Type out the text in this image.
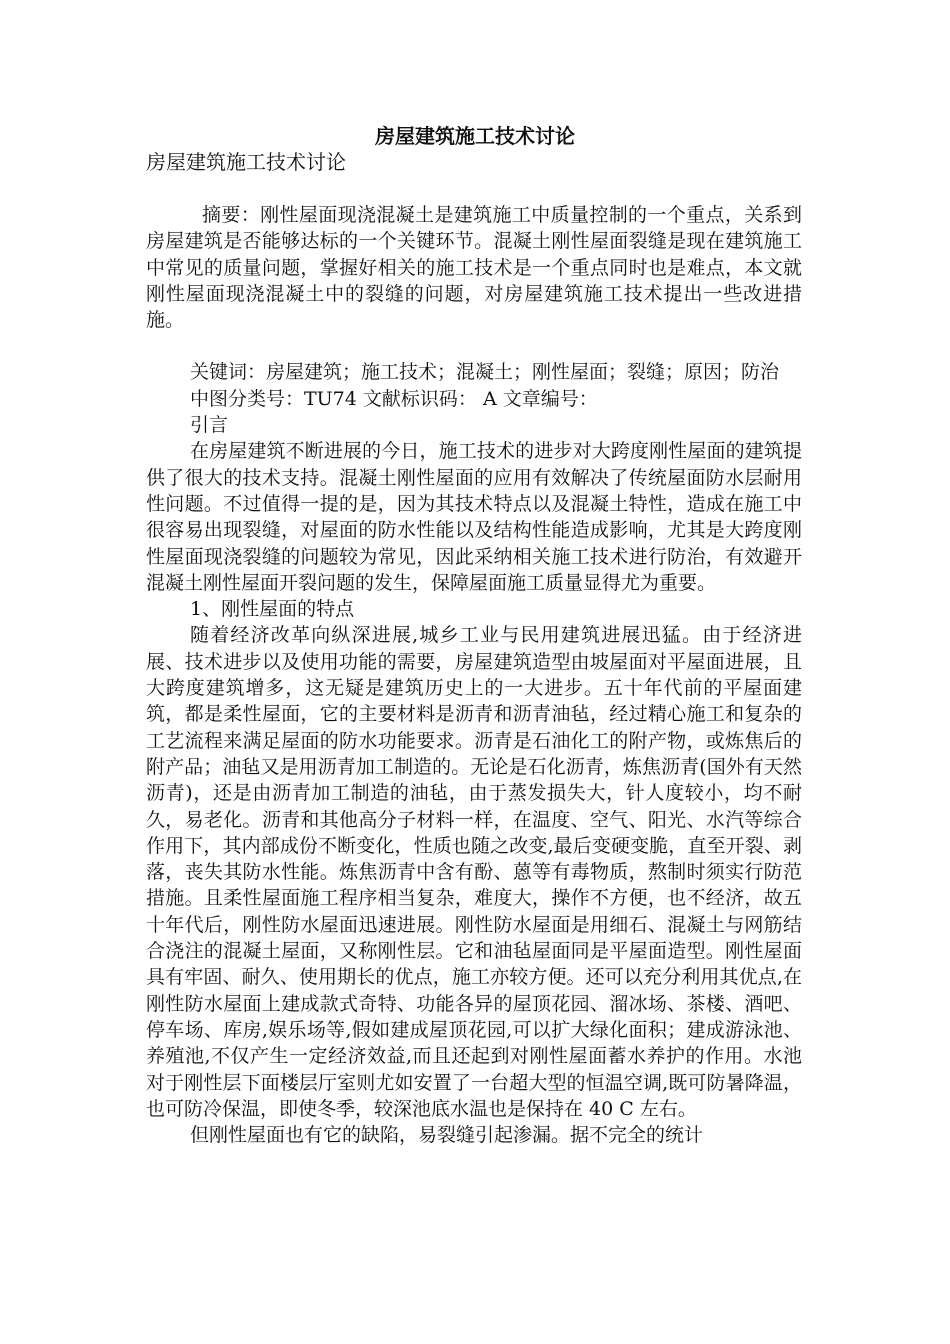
房屋建筑施工技术讨论
房屋建筑施工技术讨论

摘要：刚性屋面现浇混凝土是建筑施工中质量控制的一个重点，关系到房屋建筑是否能够达标的一个关键环节。混凝土刚性屋面裂缝是现在建筑施工中常见的质量问题，掌握好相关的施工技术是一个重点同时也是难点，本文就刚性屋面现浇混凝土中的裂缝的问题，对房屋建筑施工技术提出一些改进措施。

关键词：房屋建筑；施工技术；混凝土；刚性屋面；裂缝；原因；防治

中图分类号：TU74 文献标识码： A 文章编号：

引言

在房屋建筑不断进展的今日，施工技术的进步对大跨度刚性屋面的建筑提供了很大的技术支持。混凝土刚性屋面的应用有效解决了传统屋面防水层耐用性问题。不过值得一提的是，因为其技术特点以及混凝土特性，造成在施工中很容易出现裂缝，对屋面的防水性能以及结构性能造成影响，尤其是大跨度刚性屋面现浇裂缝的问题较为常见，因此采纳相关施工技术进行防治，有效避开混凝土刚性屋面开裂问题的发生，保障屋面施工质量显得尤为重要。

1、刚性屋面的特点

随着经济改革向纵深进展,城乡工业与民用建筑进展迅猛。由于经济进展、技术进步以及使用功能的需要，房屋建筑造型由坡屋面对平屋面进展，且大跨度建筑增多，这无疑是建筑历史上的一大进步。五十年代前的平屋面建筑，都是柔性屋面，它的主要材料是沥青和沥青油毡，经过精心施工和复杂的工艺流程来满足屋面的防水功能要求。沥青是石油化工的附产物，或炼焦后的附产品；油毡又是用沥青加工制造的。无论是石化沥青，炼焦沥青(国外有天然沥青)，还是由沥青加工制造的油毡，由于蒸发损失大，针人度较小，均不耐久，易老化。沥青和其他高分子材料一样，在温度、空气、阳光、水汽等综合作用下，其内部成份不断变化，性质也随之改变,最后变硬变脆，直至开裂、剥落，丧失其防水性能。炼焦沥青中含有酚、蒽等有毒物质，熬制时须实行防范措施。且柔性屋面施工程序相当复杂，难度大，操作不方便，也不经济，故五十年代后，刚性防水屋面迅速进展。刚性防水屋面是用细石、混凝土与网筋结合浇注的混凝土屋面，又称刚性层。它和油毡屋面同是平屋面造型。刚性屋面具有牢固、耐久、使用期长的优点，施工亦较方便。还可以充分利用其优点,在刚性防水屋面上建成款式奇特、功能各异的屋顶花园、溜冰场、茶楼、酒吧、停车场、库房,娱乐场等,假如建成屋顶花园,可以扩大绿化面积；建成游泳池、养殖池,不仅产生一定经济效益,而且还起到对刚性屋面蓄水养护的作用。水池对于刚性层下面楼层厅室则尤如安置了一台超大型的恒温空调,既可防暑降温，也可防冷保温，即使冬季，较深池底水温也是保持在 40 C 左右。

但刚性屋面也有它的缺陷，易裂缝引起渗漏。据不完全的统计
